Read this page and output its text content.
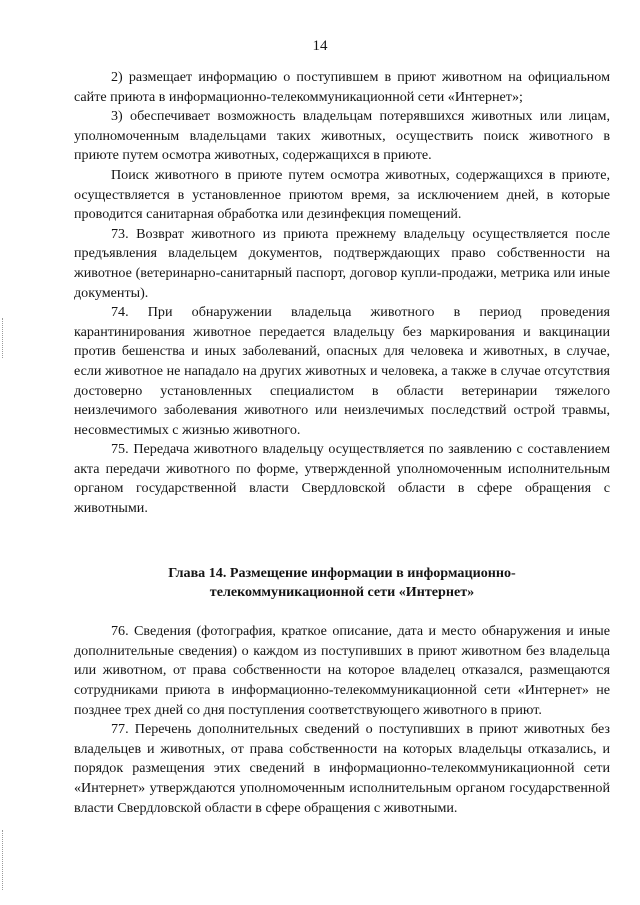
14

2) размещает информацию о поступившем в приют животном на официальном сайте приюта в информационно-телекоммуникационной сети «Интернет»;

3) обеспечивает возможность владельцам потерявшихся животных или лицам, уполномоченным владельцами таких животных, осуществить поиск животного в приюте путем осмотра животных, содержащихся в приюте.

Поиск животного в приюте путем осмотра животных, содержащихся в приюте, осуществляется в установленное приютом время, за исключением дней, в которые проводится санитарная обработка или дезинфекция помещений.

73. Возврат животного из приюта прежнему владельцу осуществляется после предъявления владельцем документов, подтверждающих право собственности на животное (ветеринарно-санитарный паспорт, договор купли-продажи, метрика или иные документы).

74. При обнаружении владельца животного в период проведения карантинирования животное передается владельцу без маркирования и вакцинации против бешенства и иных заболеваний, опасных для человека и животных, в случае, если животное не нападало на других животных и человека, а также в случае отсутствия достоверно установленных специалистом в области ветеринарии тяжелого неизлечимого заболевания животного или неизлечимых последствий острой травмы, несовместимых с жизнью животного.

75. Передача животного владельцу осуществляется по заявлению с составлением акта передачи животного по форме, утвержденной уполномоченным исполнительным органом государственной власти Свердловской области в сфере обращения с животными.

Глава 14. Размещение информации в информационно-
телекоммуникационной сети «Интернет»

76. Сведения (фотография, краткое описание, дата и место обнаружения и иные дополнительные сведения) о каждом из поступивших в приют животном без владельца или животном, от права собственности на которое владелец отказался, размещаются сотрудниками приюта в информационно-телекоммуникационной сети «Интернет» не позднее трех дней со дня поступления соответствующего животного в приют.

77. Перечень дополнительных сведений о поступивших в приют животных без владельцев и животных, от права собственности на которых владельцы отказались, и порядок размещения этих сведений в информационно-телекоммуникационной сети «Интернет» утверждаются уполномоченным исполнительным органом государственной власти Свердловской области в сфере обращения с животными.
